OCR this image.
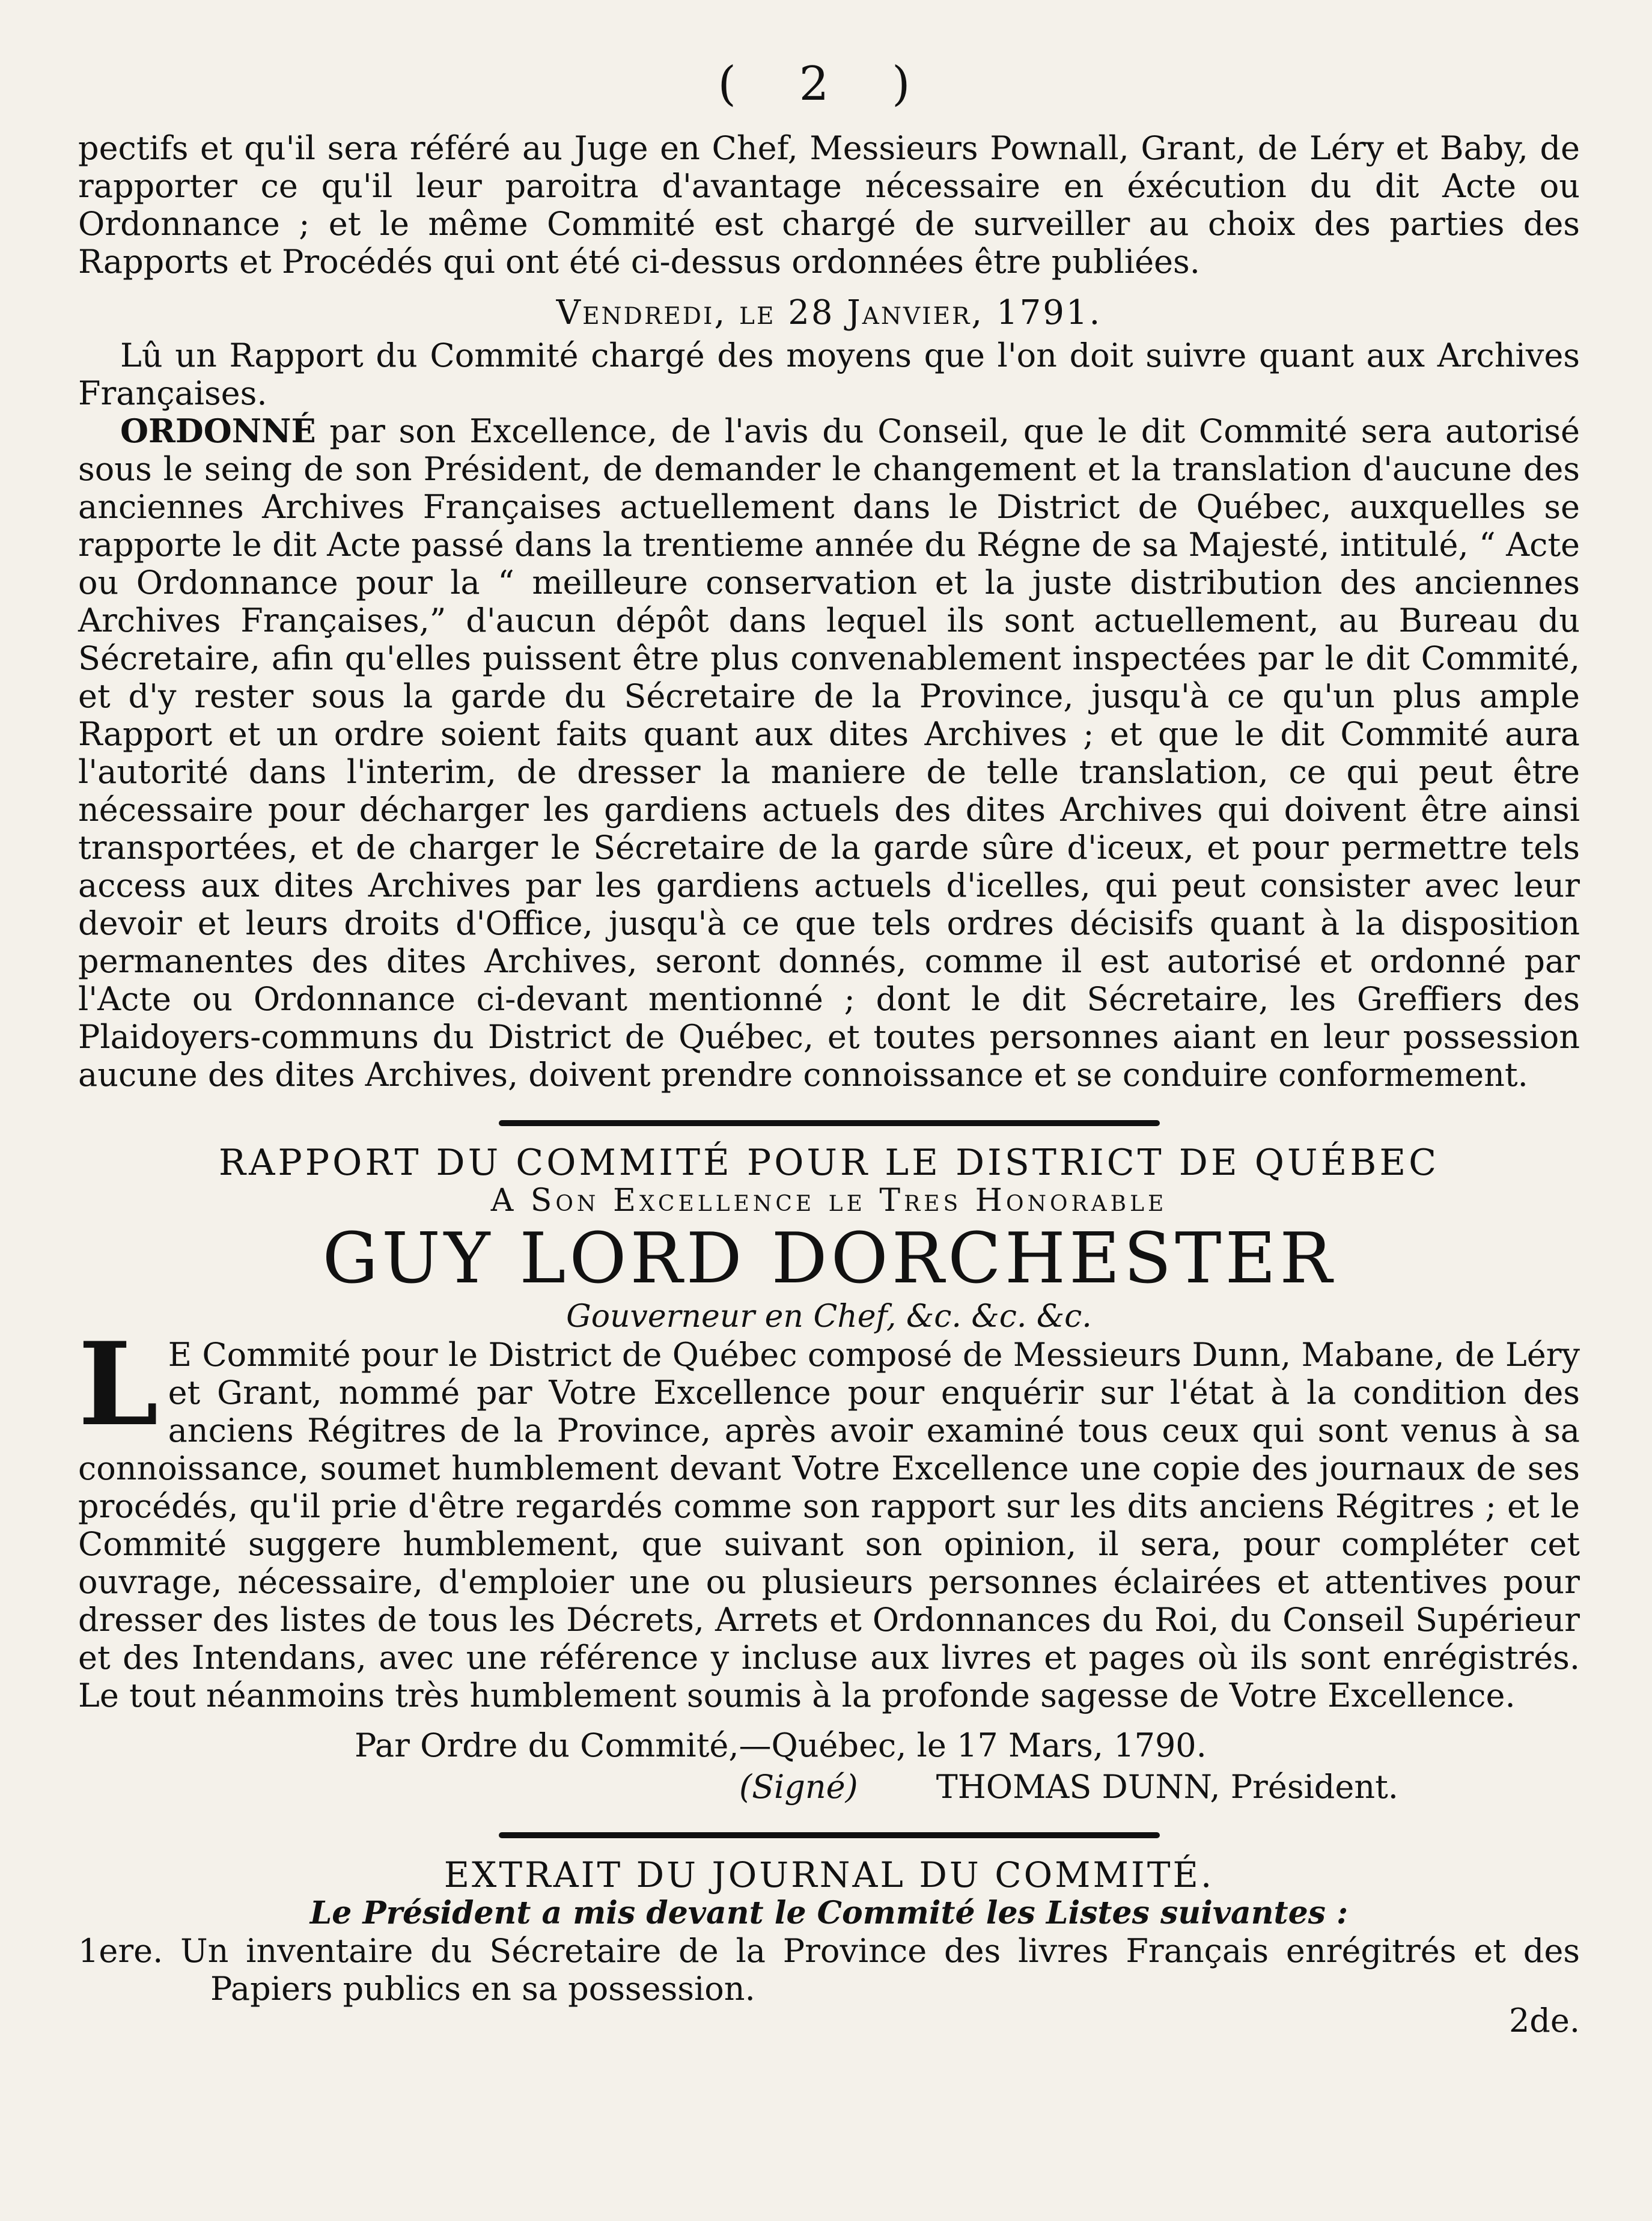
( 2 )

pectifs et qu'il sera référé au Juge en Chef, Messieurs Pownall, Grant, de Léry et Baby, de rapporter ce qu'il leur paroitra d'avantage nécessaire en éxécution du dit Acte ou Ordonnance ; et le même Commité est chargé de surveiller au choix des parties des Rapports et Procédés qui ont été ci-dessus ordonnées être publiées.

Vendredi, le 28 Janvier, 1791.

Lû un Rapport du Commité chargé des moyens que l'on doit suivre quant aux Archives Françaises.

ORDONNÉ par son Excellence, de l'avis du Conseil, que le dit Commité sera autorisé sous le seing de son Président, de demander le changement et la translation d'aucune des anciennes Archives Françaises actuellement dans le District de Québec, auxquelles se rapporte le dit Acte passé dans la trentieme année du Régne de sa Majesté, intitulé, “ Acte ou Ordonnance pour la “ meilleure conservation et la juste distribution des anciennes Archives Françaises,” d'aucun dépôt dans lequel ils sont actuellement, au Bureau du Sécretaire, afin qu'elles puissent être plus convenablement inspectées par le dit Commité, et d'y rester sous la garde du Sécretaire de la Province, jusqu'à ce qu'un plus ample Rapport et un ordre soient faits quant aux dites Archives ; et que le dit Commité aura l'autorité dans l'interim, de dresser la maniere de telle translation, ce qui peut être nécessaire pour décharger les gardiens actuels des dites Archives qui doivent être ainsi transportées, et de charger le Sécretaire de la garde sûre d'iceux, et pour permettre tels access aux dites Archives par les gardiens actuels d'icelles, qui peut consister avec leur devoir et leurs droits d'Office, jusqu'à ce que tels ordres décisifs quant à la disposition permanentes des dites Archives, seront donnés, comme il est autorisé et ordonné par l'Acte ou Ordonnance ci-devant mentionné ; dont le dit Sécretaire, les Greffiers des Plaidoyers-communs du District de Québec, et toutes personnes aiant en leur possession aucune des dites Archives, doivent prendre connoissance et se conduire conformement.

RAPPORT DU COMMITÉ POUR LE DISTRICT DE QUÉBEC

A Son Excellence le Tres Honorable

GUY LORD DORCHESTER

Gouverneur en Chef, &c. &c. &c.

L E Commité pour le District de Québec composé de Messieurs Dunn, Mabane, de Léry et Grant, nommé par Votre Excellence pour enquérir sur l'état à la condition des anciens Régitres de la Province, après avoir examiné tous ceux qui sont venus à sa connoissance, soumet humblement devant Votre Excellence une copie des journaux de ses procédés, qu'il prie d'être regardés comme son rapport sur les dits anciens Régitres ; et le Commité suggere humblement, que suivant son opinion, il sera, pour compléter cet ouvrage, nécessaire, d'emploier une ou plusieurs personnes éclairées et attentives pour dresser des listes de tous les Décrets, Arrets et Ordonnances du Roi, du Conseil Supérieur et des Intendans, avec une référence y incluse aux livres et pages où ils sont enrégistrés. Le tout néanmoins très humblement soumis à la profonde sagesse de Votre Excellence.

Par Ordre du Commité,—Québec, le 17 Mars, 1790.

(Signé) THOMAS DUNN, Président.

EXTRAIT DU JOURNAL DU COMMITÉ.

Le Président a mis devant le Commité les Listes suivantes :

1ere. Un inventaire du Sécretaire de la Province des livres Français enrégitrés et des Papiers publics en sa possession.

2de.
